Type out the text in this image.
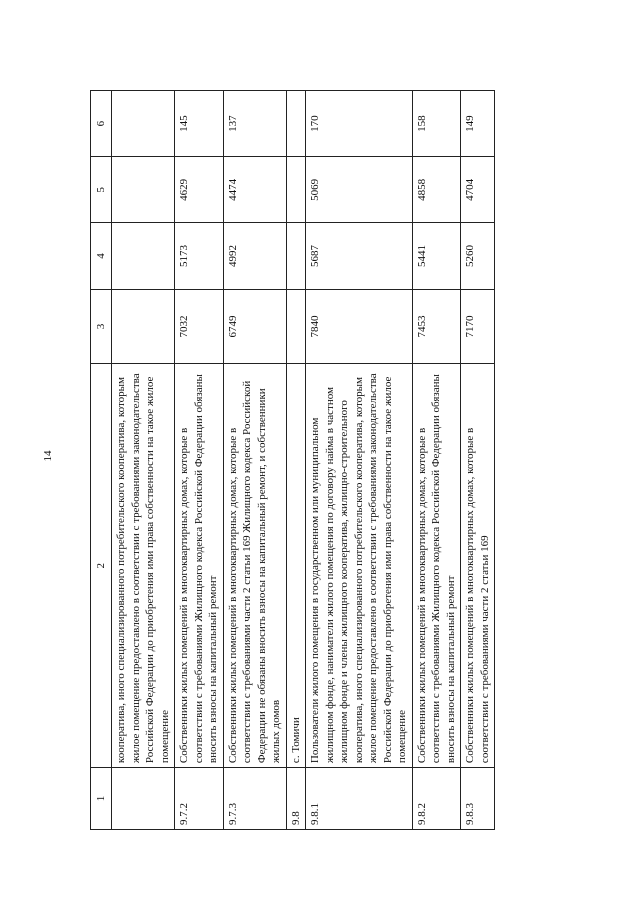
14
1	2	3	4	5	6
	кооператива, иного специализированного потребительского кооператива, которым жилое помещение предоставлено в соответствии с требованиями законодательства Российской Федерации до приобретения ими права собственности на такое жилое помещение				
9.7.2	Собственники жилых помещений в многоквартирных домах, которые в соответствии с требованиями Жилищного кодекса Российской Федерации обязаны вносить взносы на капитальный ремонт	7032	5173	4629	145
9.7.3	Собственники жилых помещений в многоквартирных домах, которые в соответствии с требованиями части 2 статьи 169 Жилищного кодекса Российской Федерации не обязаны вносить взносы на капитальный ремонт, и собственники жилых домов	6749	4992	4474	137
9.8	с. Томичи				
9.8.1	Пользователи жилого помещения в государственном или муниципальном жилищном фонде, наниматели жилого помещения по договору найма в частном жилищном фонде и члены жилищного кооператива, жилищно-строительного кооператива, иного специализированного потребительского кооператива, которым жилое помещение предоставлено в соответствии с требованиями законодательства Российской Федерации до приобретения ими права собственности на такое жилое помещение	7840	5687	5069	170
9.8.2	Собственники жилых помещений в многоквартирных домах, которые в соответствии с требованиями Жилищного кодекса Российской Федерации обязаны вносить взносы на капитальный ремонт	7453	5441	4858	158
9.8.3	Собственники жилых помещений в многоквартирных домах, которые в соответствии с требованиями части 2 статьи 169	7170	5260	4704	149
